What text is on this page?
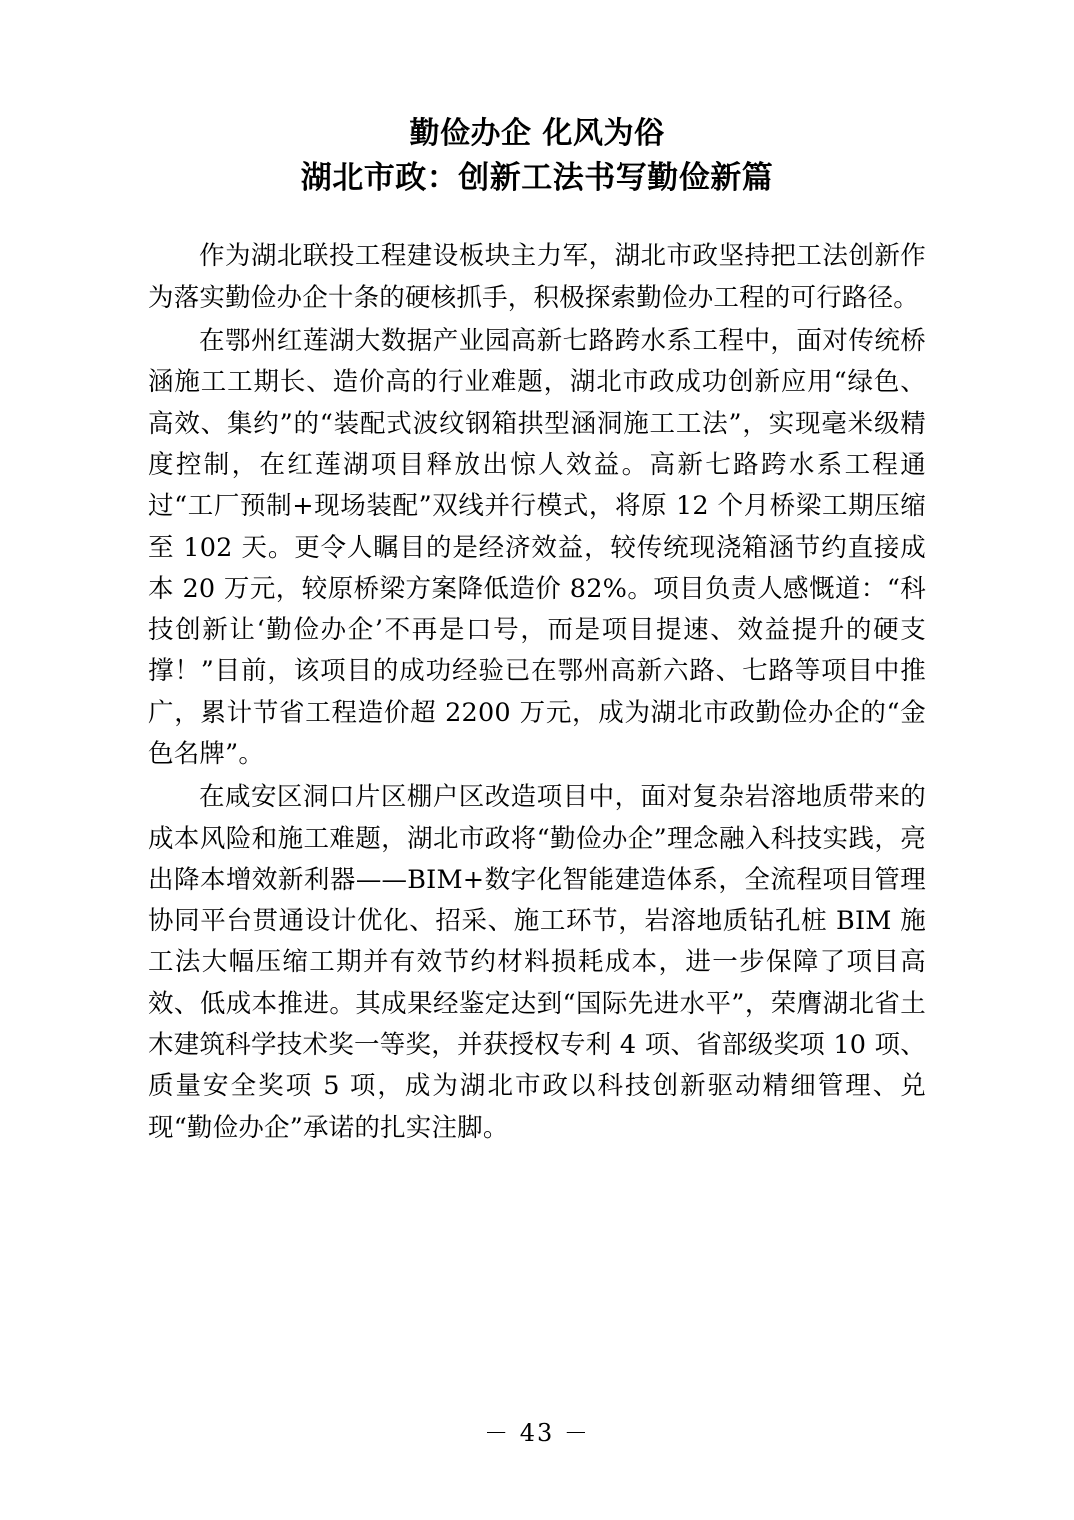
勤俭办企 化风为俗
湖北市政：创新工法书写勤俭新篇

作为湖北联投工程建设板块主力军，湖北市政坚持把工法创新作为落实勤俭办企十条的硬核抓手，积极探索勤俭办工程的可行路径。

在鄂州红莲湖大数据产业园高新七路跨水系工程中，面对传统桥涵施工工期长、造价高的行业难题，湖北市政成功创新应用“绿色、高效、集约”的“装配式波纹钢箱拱型涵洞施工工法”，实现毫米级精度控制，在红莲湖项目释放出惊人效益。高新七路跨水系工程通过“工厂预制+现场装配”双线并行模式，将原 12 个月桥梁工期压缩至 102 天。更令人瞩目的是经济效益，较传统现浇箱涵节约直接成本 20 万元，较原桥梁方案降低造价 82%。项目负责人感慨道：“科技创新让‘勤俭办企’不再是口号，而是项目提速、效益提升的硬支撑！”目前，该项目的成功经验已在鄂州高新六路、七路等项目中推广，累计节省工程造价超 2200 万元，成为湖北市政勤俭办企的“金色名牌”。

在咸安区洞口片区棚户区改造项目中，面对复杂岩溶地质带来的成本风险和施工难题，湖北市政将“勤俭办企”理念融入科技实践，亮出降本增效新利器——BIM+数字化智能建造体系，全流程项目管理协同平台贯通设计优化、招采、施工环节，岩溶地质钻孔桩 BIM 施工法大幅压缩工期并有效节约材料损耗成本，进一步保障了项目高效、低成本推进。其成果经鉴定达到“国际先进水平”，荣膺湖北省土木建筑科学技术奖一等奖，并获授权专利 4 项、省部级奖项 10 项、质量安全奖项 5 项，成为湖北市政以科技创新驱动精细管理、兑现“勤俭办企”承诺的扎实注脚。

－ 43 －
